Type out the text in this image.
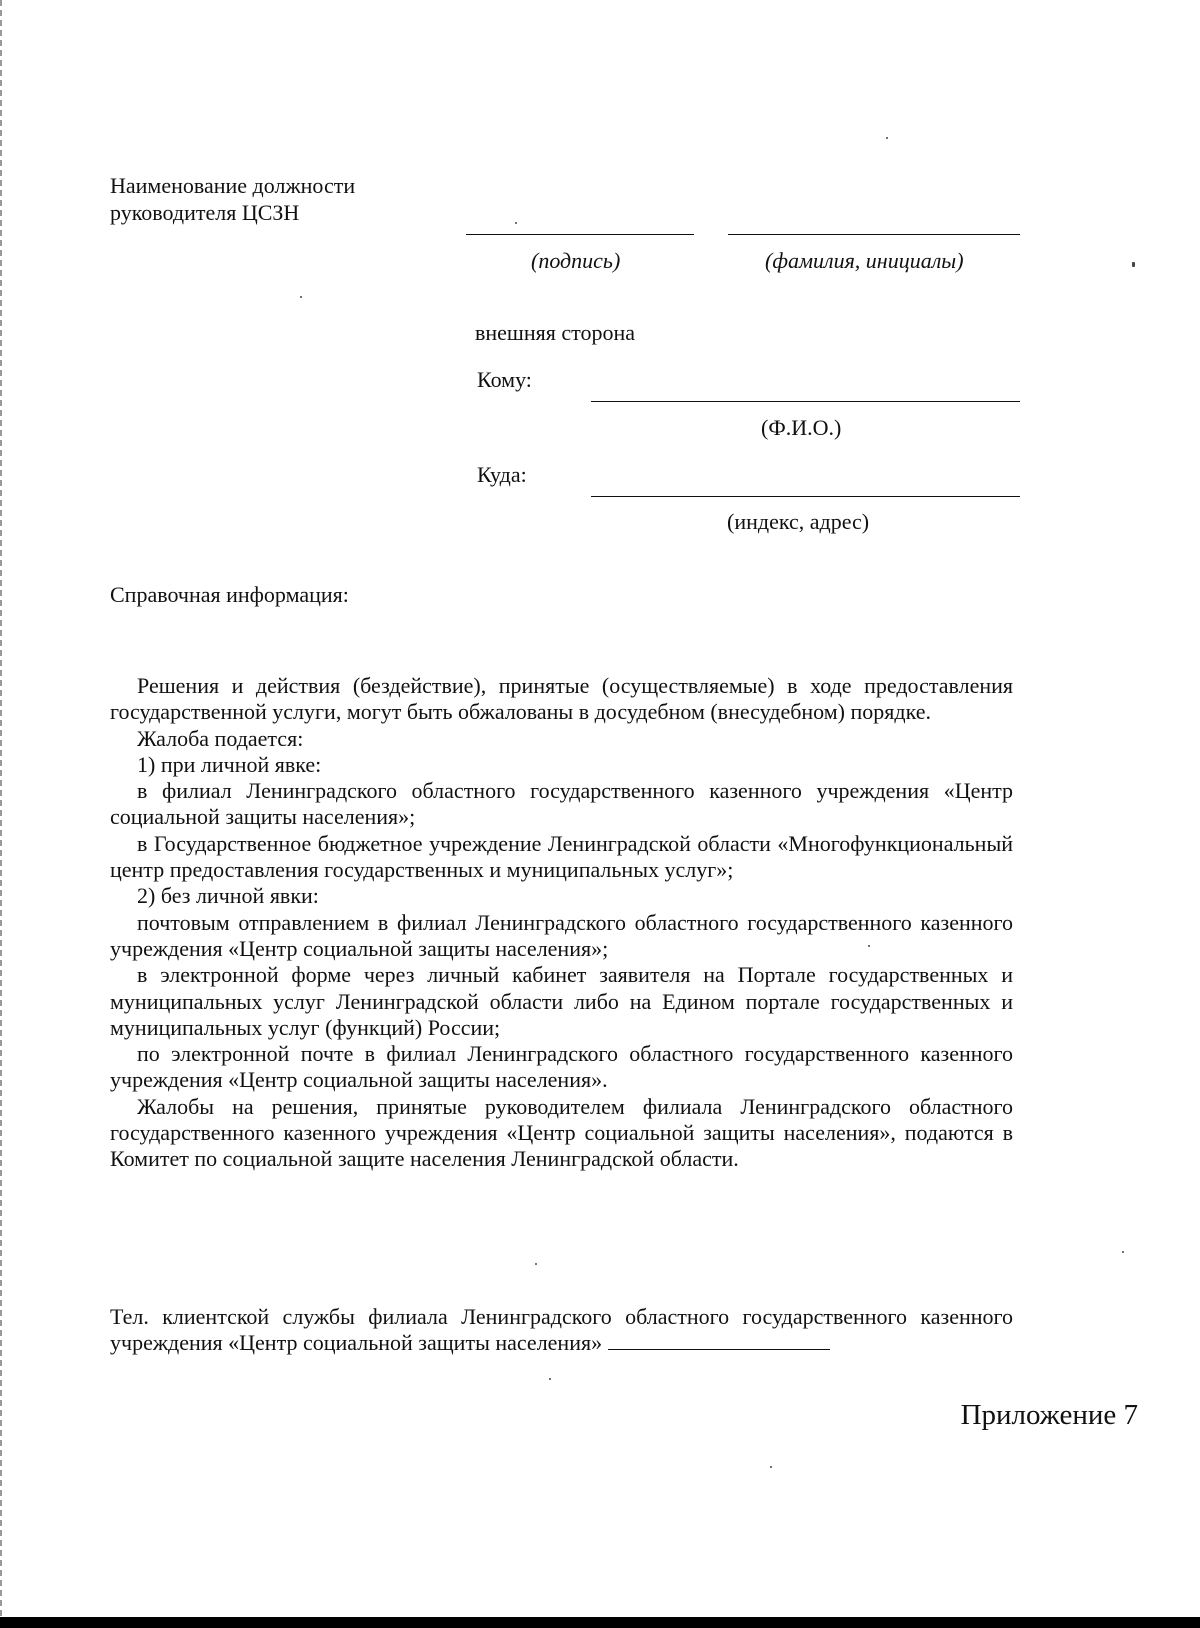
Наименование должности
руководителя ЦСЗН
(подпись)	(фамилия, инициалы)
внешняя сторона
Кому:
(Ф.И.О.)
Куда:
(индекс, адрес)
Справочная информация:

Решения и действия (бездействие), принятые (осуществляемые) в ходе предоставления государственной услуги, могут быть обжалованы в досудебном (внесудебном) порядке.

Жалоба подается:

1) при личной явке:

в филиал Ленинградского областного государственного казенного учреждения «Центр социальной защиты населения»;

в Государственное бюджетное учреждение Ленинградской области «Многофункциональный центр предоставления государственных и муниципальных услуг»;

2) без личной явки:

почтовым отправлением в филиал Ленинградского областного государственного казенного учреждения «Центр социальной защиты населения»;

в электронной форме через личный кабинет заявителя на Портале государственных и муниципальных услуг Ленинградской области либо на Едином портале государственных и муниципальных услуг (функций) России;

по электронной почте в филиал Ленинградского областного государственного казенного учреждения «Центр социальной защиты населения».

Жалобы на решения, принятые руководителем филиала Ленинградского областного государственного казенного учреждения «Центр социальной защиты населения», подаются в Комитет по социальной защите населения Ленинградской области.

Тел. клиентской службы филиала Ленинградского областного государственного казенного учреждения «Центр социальной защиты населения»
Приложение 7
